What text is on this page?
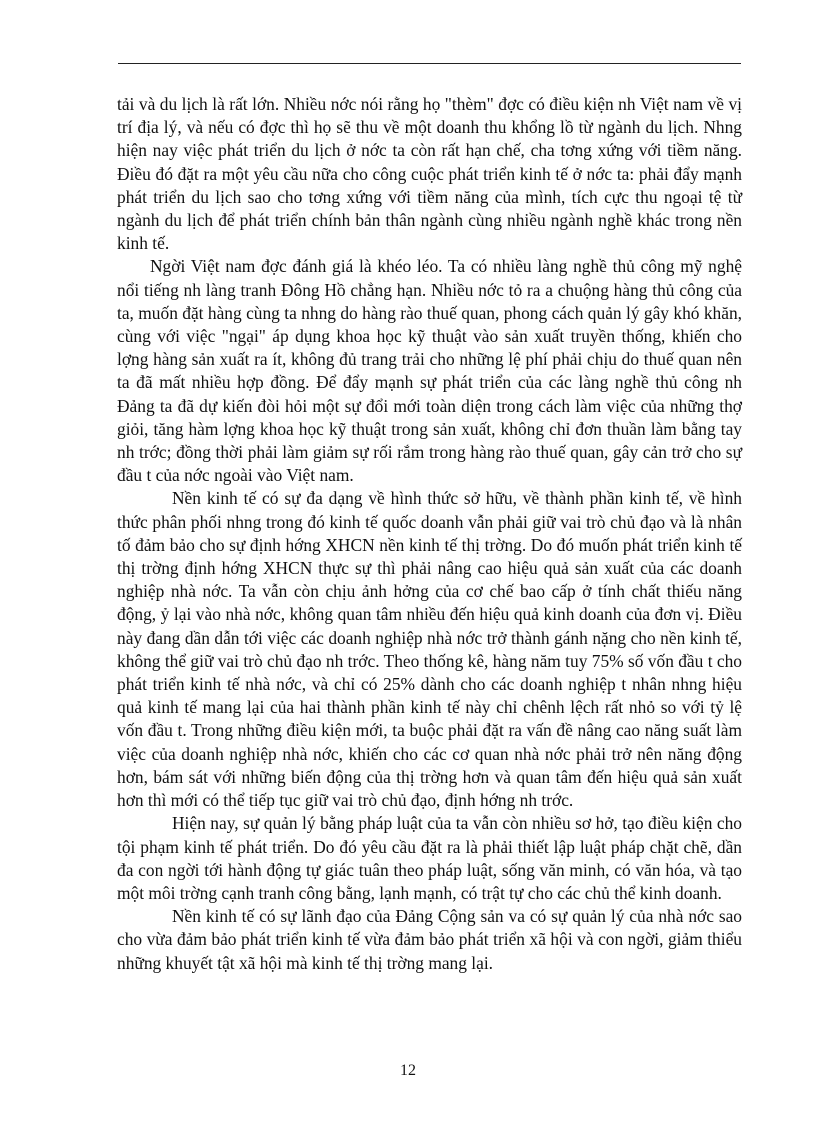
tải và du lịch là rất lớn. Nhiều nớc nói rằng họ "thèm" đợc có điều kiện nh Việt nam về vị trí địa lý, và nếu có đợc thì họ sẽ thu về một doanh thu khổng lồ từ ngành du lịch. Nhng hiện nay việc phát triển du lịch ở nớc ta còn rất hạn chế, cha tơng xứng với tiềm năng. Điều đó đặt ra một yêu cầu nữa cho công cuộc phát triển kinh tế ở nớc ta: phải đẩy mạnh phát triển du lịch sao cho tơng xứng với tiềm năng của mình, tích cực thu ngoại tệ từ ngành du lịch để phát triển chính bản thân ngành cùng nhiều ngành nghề khác trong nền kinh tế.

Ngời Việt nam đợc đánh giá là khéo léo. Ta có nhiều làng nghề thủ công mỹ nghệ nổi tiếng nh làng tranh Đông Hồ chẳng hạn. Nhiều nớc tỏ ra a chuộng hàng thủ công của ta, muốn đặt hàng cùng ta nhng do hàng rào thuế quan, phong cách quản lý gây khó khăn, cùng với việc "ngại" áp dụng khoa học kỹ thuật vào sản xuất truyền thống, khiến cho lợng hàng sản xuất ra ít, không đủ trang trải cho những lệ phí phải chịu do thuế quan nên ta đã mất nhiều hợp đồng. Để đẩy mạnh sự phát triển của các làng nghề thủ công nh Đảng ta đã dự kiến đòi hỏi một sự đổi mới toàn diện trong cách làm việc của những thợ giỏi, tăng hàm lợng khoa học kỹ thuật trong sản xuất, không chỉ đơn thuần làm bằng tay nh trớc; đồng thời phải làm giảm sự rối rắm trong hàng rào thuế quan, gây cản trở cho sự đầu t của nớc ngoài vào Việt nam.

Nền kinh tế có sự đa dạng về hình thức sở hữu, về thành phần kinh tế, về hình thức phân phối nhng trong đó kinh tế quốc doanh vẫn phải giữ vai trò chủ đạo và là nhân tố đảm bảo cho sự định hớng XHCN nền kinh tế thị trờng. Do đó muốn phát triển kinh tế thị trờng định hớng XHCN thực sự thì phải nâng cao hiệu quả sản xuất của các doanh nghiệp nhà nớc. Ta vẫn còn chịu ảnh hởng của cơ chế bao cấp ở tính chất thiếu năng động, ỷ lại vào nhà nớc, không quan tâm nhiều đến hiệu quả kinh doanh của đơn vị. Điều này đang dần dẫn tới việc các doanh nghiệp nhà nớc trở thành gánh nặng cho nền kinh tế, không thể giữ vai trò chủ đạo nh trớc. Theo thống kê, hàng năm tuy 75% số vốn đầu t cho phát triển kinh tế nhà nớc, và chỉ có 25% dành cho các doanh nghiệp t nhân nhng hiệu quả kinh tế mang lại của hai thành phần kinh tế này chỉ chênh lệch rất nhỏ so với tỷ lệ vốn đầu t. Trong những điều kiện mới, ta buộc phải đặt ra vấn đề nâng cao năng suất làm việc của doanh nghiệp nhà nớc, khiến cho các cơ quan nhà nớc phải trở nên năng động hơn, bám sát với những biến động của thị trờng hơn và quan tâm đến hiệu quả sản xuất hơn thì mới có thể tiếp tục giữ vai trò chủ đạo, định hớng nh trớc.

Hiện nay, sự quản lý bằng pháp luật của ta vẫn còn nhiều sơ hở, tạo điều kiện cho tội phạm kinh tế phát triển. Do đó yêu cầu đặt ra là phải thiết lập luật pháp chặt chẽ, dần đa con ngời tới hành động tự giác tuân theo pháp luật, sống văn minh, có văn hóa, và tạo một môi trờng cạnh tranh công bằng, lạnh mạnh, có trật tự cho các chủ thể kinh doanh.

Nền kinh tế có sự lãnh đạo của Đảng Cộng sản va có sự quản lý của nhà nớc sao cho vừa đảm bảo phát triển kinh tế vừa đảm bảo phát triển xã hội và con ngời, giảm thiểu những khuyết tật xã hội mà kinh tế thị trờng mang lại.

12
